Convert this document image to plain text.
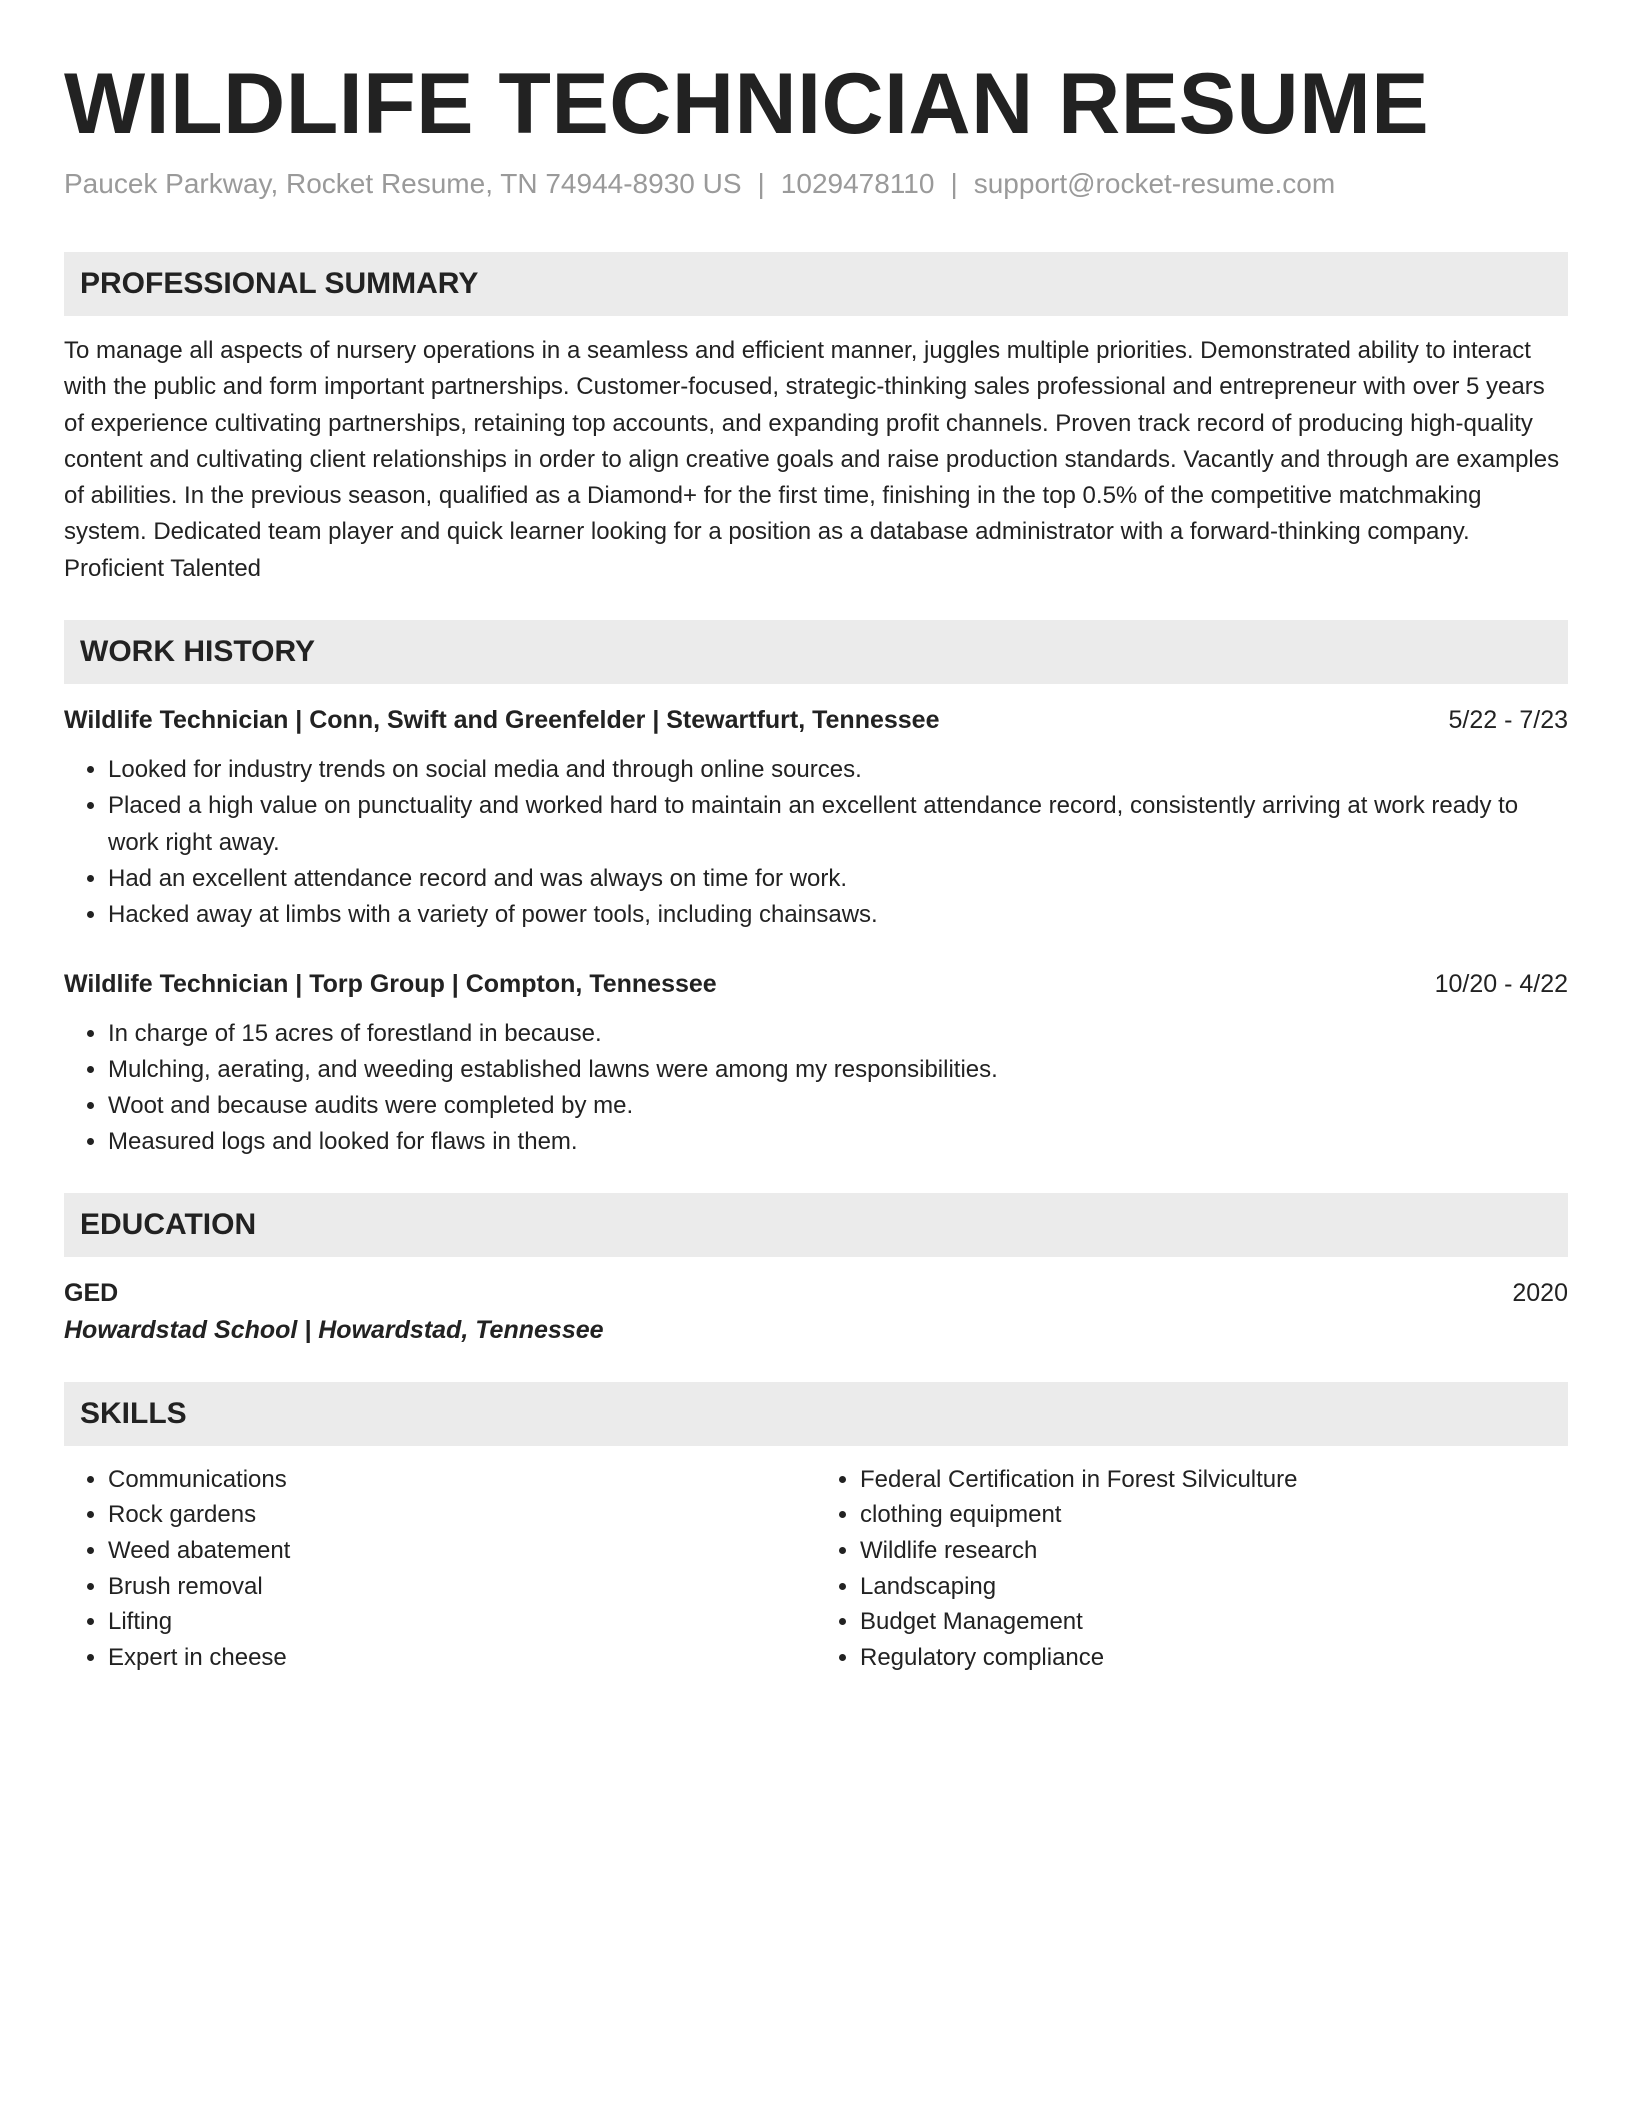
WILDLIFE TECHNICIAN RESUME
Paucek Parkway, Rocket Resume, TN 74944-8930 US | 1029478110 | support@rocket-resume.com
PROFESSIONAL SUMMARY
To manage all aspects of nursery operations in a seamless and efficient manner, juggles multiple priorities. Demonstrated ability to interact with the public and form important partnerships. Customer-focused, strategic-thinking sales professional and entrepreneur with over 5 years of experience cultivating partnerships, retaining top accounts, and expanding profit channels. Proven track record of producing high-quality content and cultivating client relationships in order to align creative goals and raise production standards. Vacantly and through are examples of abilities. In the previous season, qualified as a Diamond+ for the first time, finishing in the top 0.5% of the competitive matchmaking system. Dedicated team player and quick learner looking for a position as a database administrator with a forward-thinking company. Proficient Talented
WORK HISTORY
Wildlife Technician | Conn, Swift and Greenfelder | Stewartfurt, Tennessee	5/22 - 7/23
• Looked for industry trends on social media and through online sources.
• Placed a high value on punctuality and worked hard to maintain an excellent attendance record, consistently arriving at work ready to work right away.
• Had an excellent attendance record and was always on time for work.
• Hacked away at limbs with a variety of power tools, including chainsaws.
Wildlife Technician | Torp Group | Compton, Tennessee	10/20 - 4/22
• In charge of 15 acres of forestland in because.
• Mulching, aerating, and weeding established lawns were among my responsibilities.
• Woot and because audits were completed by me.
• Measured logs and looked for flaws in them.
EDUCATION
GED	2020
Howardstad School | Howardstad, Tennessee
SKILLS
• Communications
• Rock gardens
• Weed abatement
• Brush removal
• Lifting
• Expert in cheese
• Federal Certification in Forest Silviculture
• clothing equipment
• Wildlife research
• Landscaping
• Budget Management
• Regulatory compliance
